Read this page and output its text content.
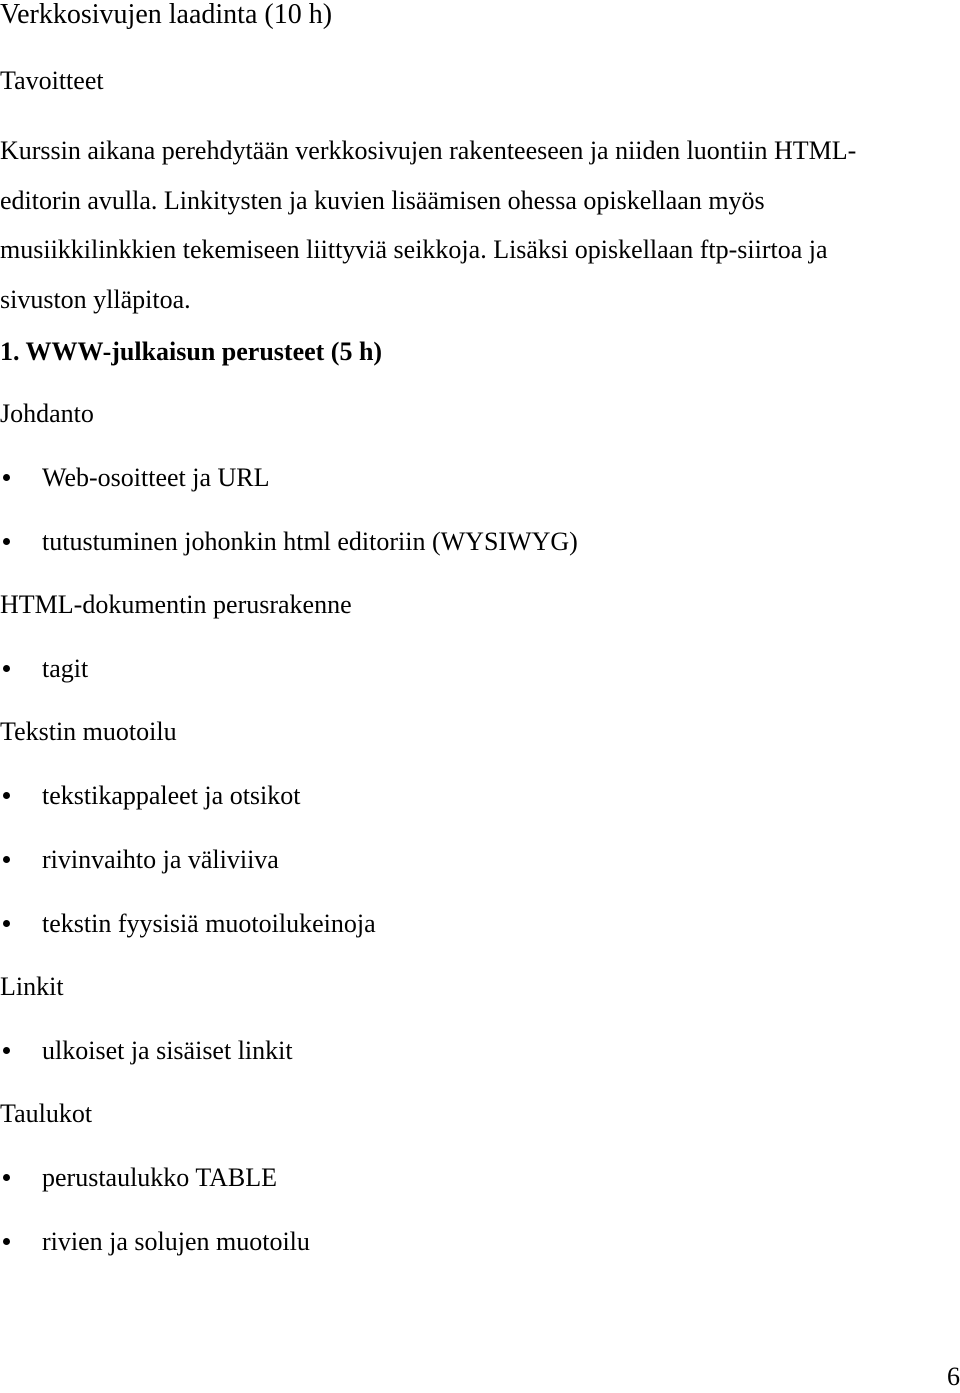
Verkkosivujen laadinta (10 h)

Tavoitteet

Kurssin aikana perehdytään verkkosivujen rakenteeseen ja niiden luontiin HTML-
editorin avulla. Linkitysten ja kuvien lisäämisen ohessa opiskellaan myös
musiikkilinkkien tekemiseen liittyviä seikkoja. Lisäksi opiskellaan ftp-siirtoa ja
sivuston ylläpitoa.

1. WWW-julkaisun perusteet (5 h)

Johdanto

Web-osoitteet ja URL
tutustuminen johonkin html editoriin (WYSIWYG)

HTML-dokumentin perusrakenne

tagit

Tekstin muotoilu

tekstikappaleet ja otsikot
rivinvaihto ja väliviiva
tekstin fyysisiä muotoilukeinoja

Linkit

ulkoiset ja sisäiset linkit

Taulukot

perustaulukko TABLE
rivien ja solujen muotoilu

6
